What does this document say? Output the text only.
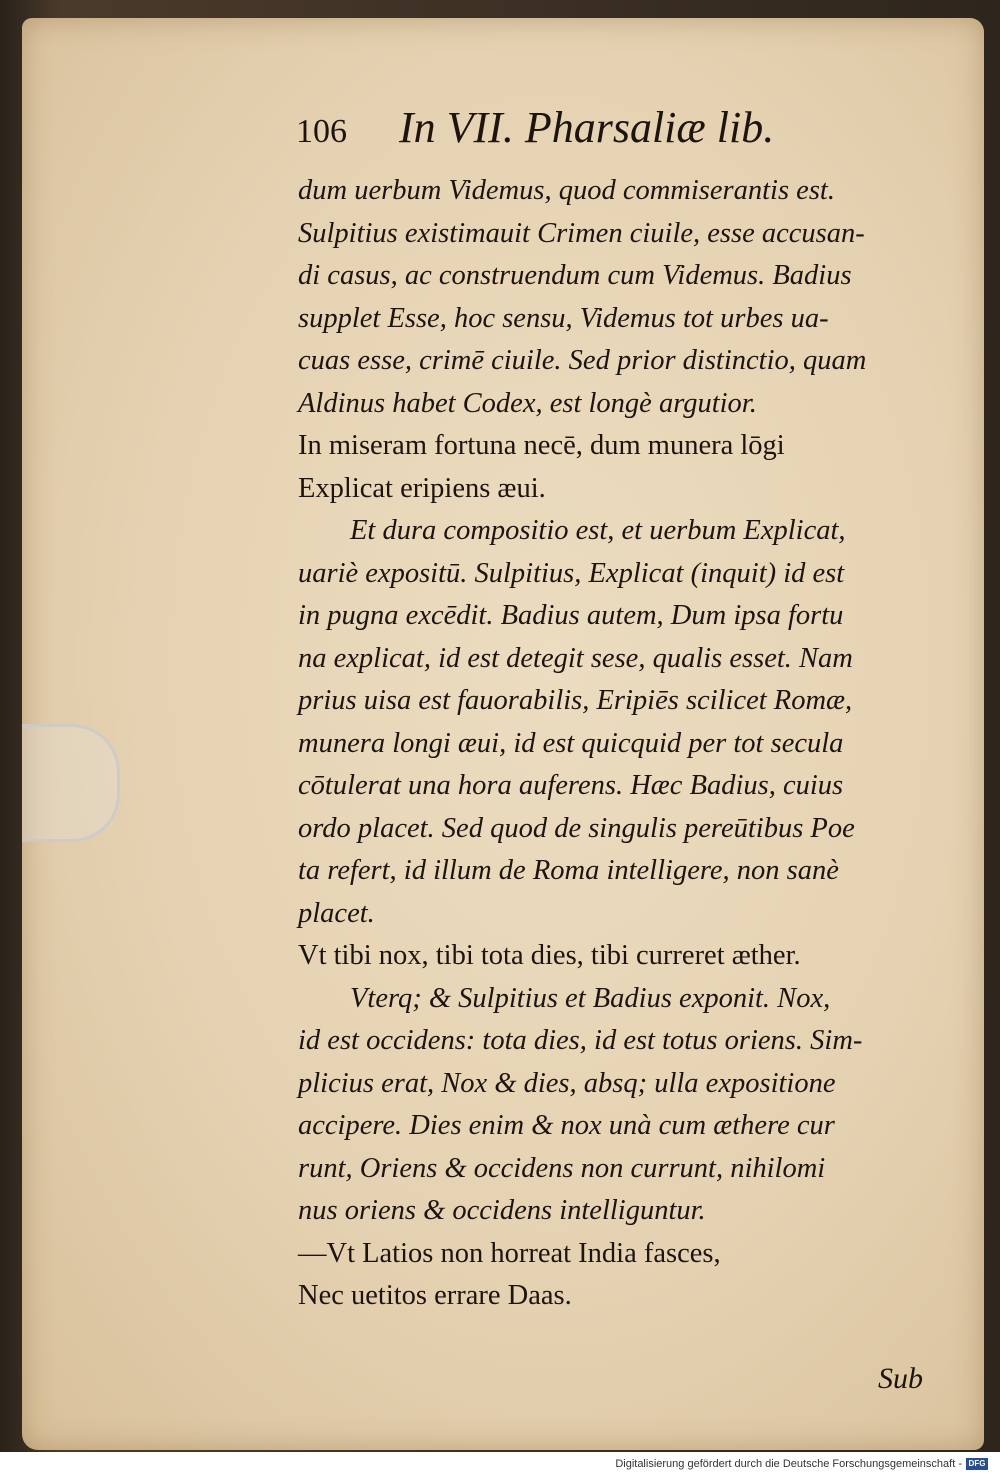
106 In VII. Pharsaliæ lib.
dum uerbum Videmus, quod commiserantis est.
Sulpitius existimauit Crimen ciuile, esse accusan-
di casus, ac construendum cum Videmus. Badius
supplet Esse, hoc sensu, Videmus tot urbes ua-
cuas esse, crimē ciuile. Sed prior distinctio, quam
Aldinus habet Codex, est longè argutior.
In miseram fortuna necē, dum munera lōgi
Explicat eripiens æui.
Et dura compositio est, et uerbum Explicat,
uariè expositū. Sulpitius, Explicat (inquit) id est
in pugna excēdit. Badius autem, Dum ipsa fortu
na explicat, id est detegit sese, qualis esset. Nam
prius uisa est fauorabilis, Eripiēs scilicet Romæ,
munera longi æui, id est quicquid per tot secula
cōtulerat una hora auferens. Hæc Badius, cuius
ordo placet. Sed quod de singulis pereūtibus Poe
ta refert, id illum de Roma intelligere, non sanè
placet.
Vt tibi nox, tibi tota dies, tibi curreret æther.
Vterq; & Sulpitius et Badius exponit. Nox,
id est occidens: tota dies, id est totus oriens. Sim-
plicius erat, Nox & dies, absq; ulla expositione
accipere. Dies enim & nox unà cum æthere cur
runt, Oriens & occidens non currunt, nihilomi
nus oriens & occidens intelliguntur.
—Vt Latios non horreat India fasces,
Nec uetitos errare Daas.
Sub
Digitalisierung gefördert durch die Deutsche Forschungsgemeinschaft - DFG
